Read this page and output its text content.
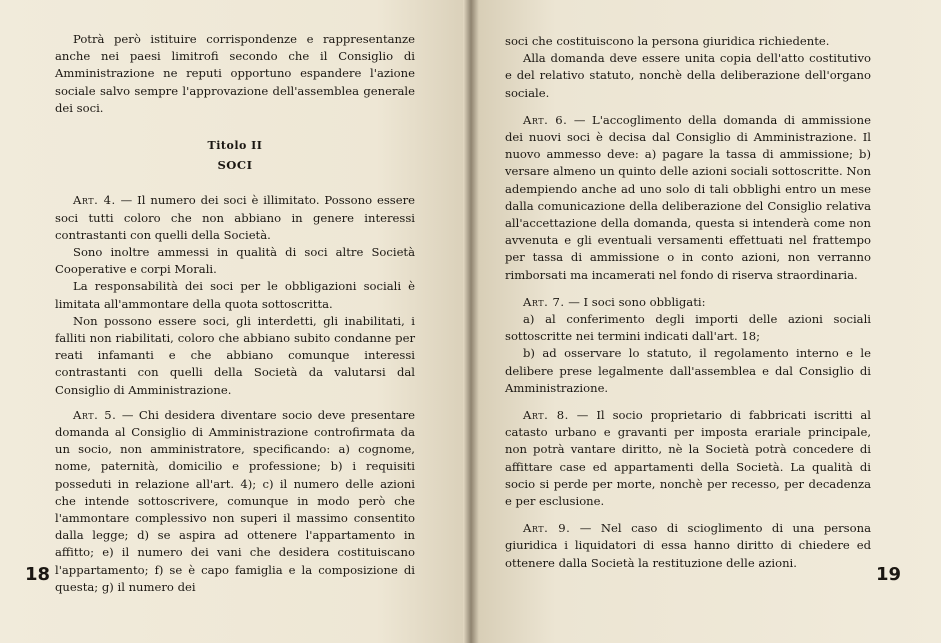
Potrà però istituire corrispondenze e rappresentanze anche nei paesi limitrofi secondo che il Consiglio di Amministrazione ne reputi opportuno espandere l'azione sociale salvo sempre l'approvazione dell'assemblea generale dei soci.

Titolo II
SOCI

Art. 4. — Il numero dei soci è illimitato. Possono essere soci tutti coloro che non abbiano in genere interessi contrastanti con quelli della Società.

Sono inoltre ammessi in qualità di soci altre Società Cooperative e corpi Morali.

La responsabilità dei soci per le obbligazioni sociali è limitata all'ammontare della quota sottoscritta.

Non possono essere soci, gli interdetti, gli inabilitati, i falliti non riabilitati, coloro che abbiano subito condanne per reati infamanti e che abbiano comunque interessi contrastanti con quelli della Società da valutarsi dal Consiglio di Amministrazione.

Art. 5. — Chi desidera diventare socio deve presentare domanda al Consiglio di Amministrazione controfirmata da un socio, non amministratore, specificando: a) cognome, nome, paternità, domicilio e professione; b) i requisiti posseduti in relazione all'art. 4); c) il numero delle azioni che intende sottoscrivere, comunque in modo però che l'ammontare complessivo non superi il massimo consentito dalla legge; d) se aspira ad ottenere l'appartamento in affitto; e) il numero dei vani che desidera costituiscano l'appartamento; f) se è capo famiglia e la composizione di questa; g) il numero dei

18

soci che costituiscono la persona giuridica richiedente.

Alla domanda deve essere unita copia dell'atto costitutivo e del relativo statuto, nonchè della deliberazione dell'organo sociale.

Art. 6. — L'accoglimento della domanda di ammissione dei nuovi soci è decisa dal Consiglio di Amministrazione. Il nuovo ammesso deve: a) pagare la tassa di ammissione; b) versare almeno un quinto delle azioni sociali sottoscritte. Non adempiendo anche ad uno solo di tali obblighi entro un mese dalla comunicazione della deliberazione del Consiglio relativa all'accettazione della domanda, questa si intenderà come non avvenuta e gli eventuali versamenti effettuati nel frattempo per tassa di ammissione o in conto azioni, non verranno rimborsati ma incamerati nel fondo di riserva straordinaria.

Art. 7. — I soci sono obbligati:

a) al conferimento degli importi delle azioni sociali sottoscritte nei termini indicati dall'art. 18;

b) ad osservare lo statuto, il regolamento interno e le delibere prese legalmente dall'assemblea e dal Consiglio di Amministrazione.

Art. 8. — Il socio proprietario di fabbricati iscritti al catasto urbano e gravanti per imposta erariale principale, non potrà vantare diritto, nè la Società potrà concedere di affittare case ed appartamenti della Società. La qualità di socio si perde per morte, nonchè per recesso, per decadenza e per esclusione.

Art. 9. — Nel caso di scioglimento di una persona giuridica i liquidatori di essa hanno diritto di chiedere ed ottenere dalla Società la restituzione delle azioni.

19
